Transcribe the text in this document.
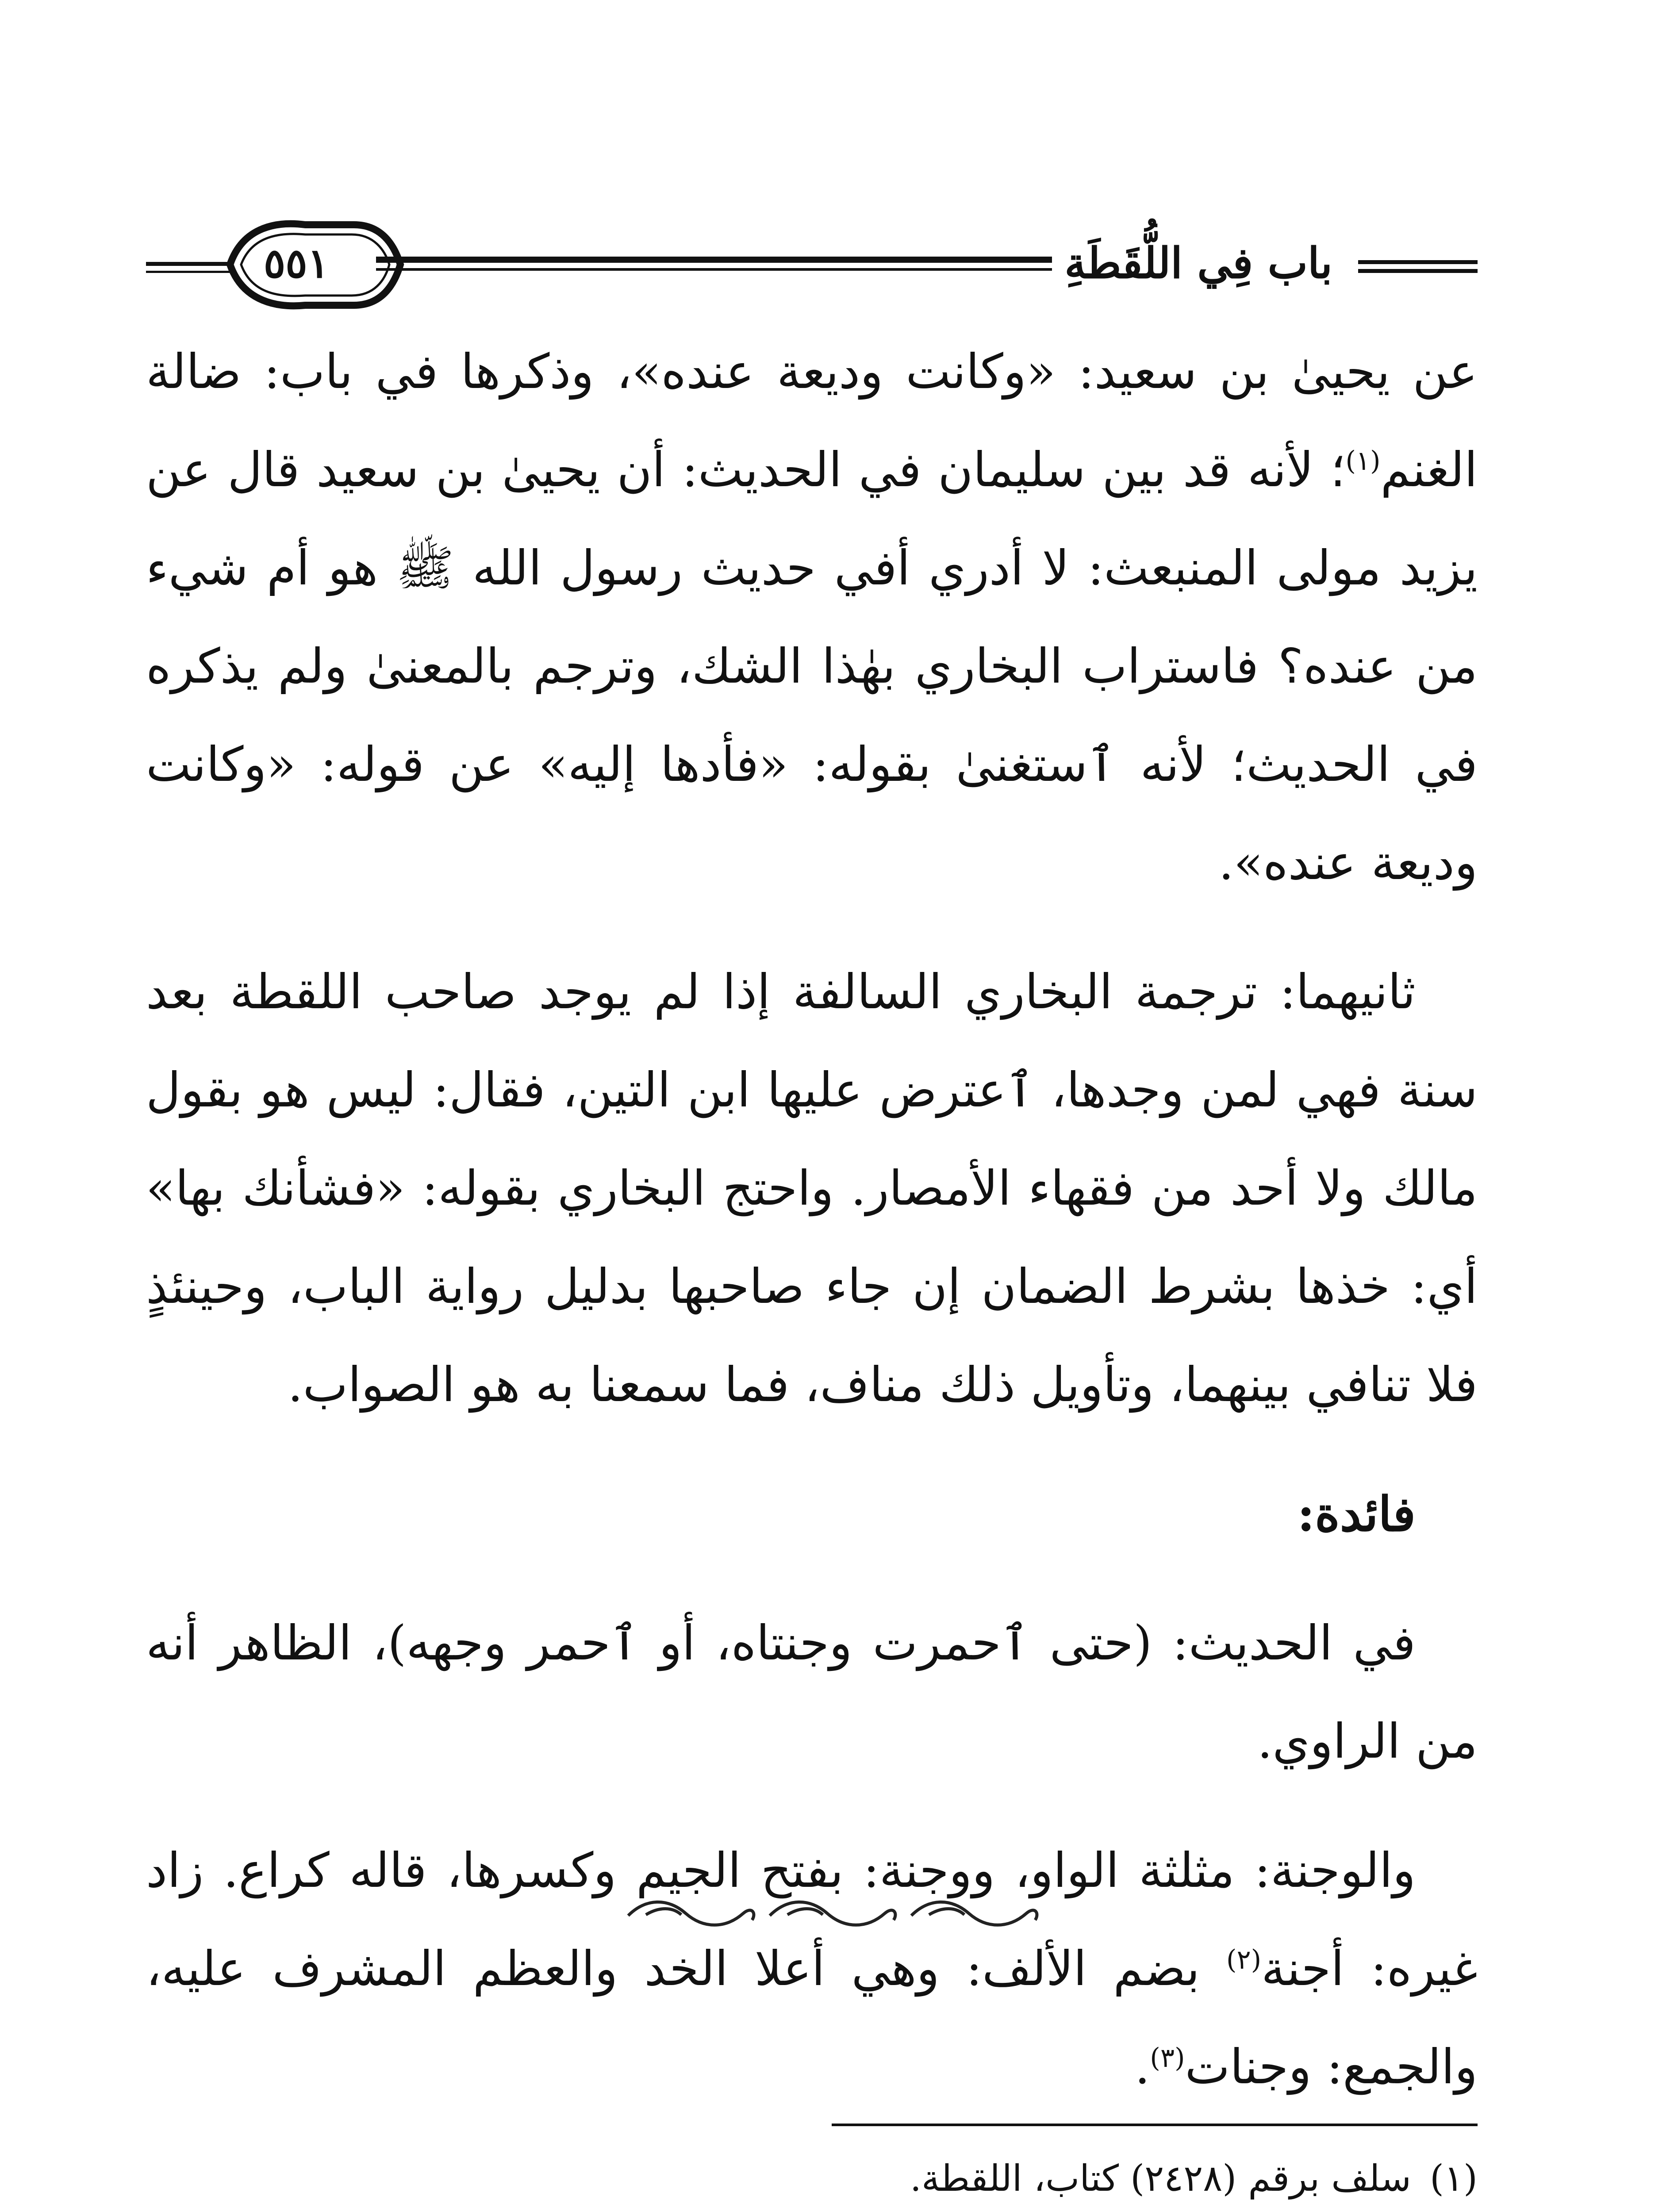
٥٥١	باب فِي اللُّقَطَةِ

عن يحيىٰ بن سعيد: «وكانت وديعة عنده»، وذكرها في باب: ضالة الغنم$^{(١)}$؛ لأنه قد بين سليمان في الحديث: أن يحيىٰ بن سعيد قال عن يزيد مولى المنبعث: لا أدري أفي حديث رسول الله ﷺ هو أم شيء من عنده؟ فاستراب البخاري بهٰذا الشك، وترجم بالمعنىٰ ولم يذكره في الحديث؛ لأنه ٱستغنىٰ بقوله: «فأدها إليه» عن قوله: «وكانت وديعة عنده».

ثانيهما: ترجمة البخاري السالفة إذا لم يوجد صاحب اللقطة بعد سنة فهي لمن وجدها، ٱعترض عليها ابن التين، فقال: ليس هو بقول مالك ولا أحد من فقهاء الأمصار. واحتج البخاري بقوله: «فشأنك بها» أي: خذها بشرط الضمان إن جاء صاحبها بدليل رواية الباب، وحينئذٍ فلا تنافي بينهما، وتأويل ذلك مناف، فما سمعنا به هو الصواب.

فائدة:

في الحديث: (حتى ٱحمرت وجنتاه، أو ٱحمر وجهه)، الظاهر أنه من الراوي.

والوجنة: مثلثة الواو، ووجنة: بفتح الجيم وكسرها، قاله كراع. زاد غيره: أجنة$^{(٢)}$ بضم الألف: وهي أعلا الخد والعظم المشرف عليه، والجمع: وجنات$^{(٣)}$.

(١)
سلف برقم (٢٤٢٨) كتاب، اللقطة.
